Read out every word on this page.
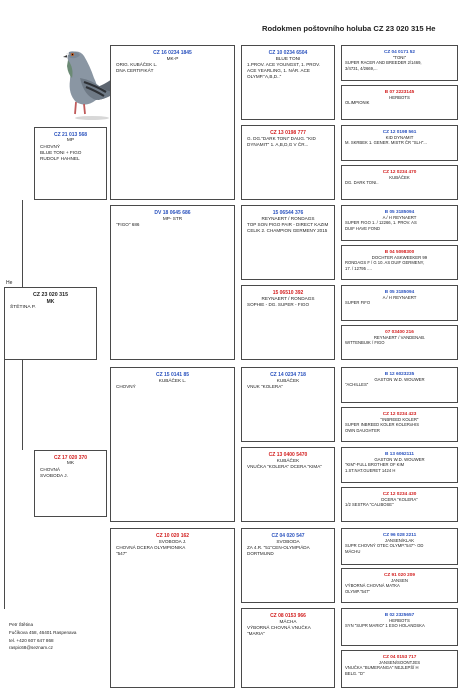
Rodokmen poštovního holuba CZ 23 020 315 He
He
CZ 23 020 315
MK
ŠTĚTINA P.
CZ 21 013 568
MP
CHOVNÝ
BLUE TONI + FIGO
RUDOLF HAHNEL
CZ 17 020 370
MK
CHOVNÁ
SVOBODA J.
CZ 16 0234 1845
MK-P
ORIG. KUBÁČEK L.
DNA CERTIFIKÁT
DV 18 0645 686
MP- STR
"FIGO" 686
CZ 15 0141 85
KUBÁČEK L.
CHOVNÝ
CZ 10 020 162
SVOBODA J.
CHOVNÁ DCERA OLYMPIONIKA
"547"
CZ 10 0234 6504
BLUE TONI
1.PROV. ACE YOUNGST, 1. PROV.
ACE YEARLING, 1. NÁR. ACE
OLYMP."A,B,D.."
CZ 13 0198 777
G. DG."DARK TONI" DAUG. "KID
DYNAMIT" 1. A,B,D,G V ČR...
15 06544 376
REYNAERT / RONDAGS
TOP SON PIGO PAIR - DIRECT KAZIM
CELIK 2. CHAMPION GERMENY 2015
15 06510 392
REYNAERT / RONDAGS
SOPHIE - DG. SUPER - FIGO
CZ 14 0234 718
KUBÁČEK
VNUK "KOLERA"
CZ 13 0400 5470
KUBÁČEK
VNUČKA "KOLERA" DCERA "KIMA"
CZ 04 020 547
SVOBODA
ZA 4.R. "51"CEN-OLYMPIÁDA
DORTMUND
CZ 08 0153 966
MÁCHA
VÝBORNÁ CHOVNÁ VNUČKA
"MARIA"
CZ 04 0171 52
"TONI"
SUPER RACER AND BREEDER 2/1469,
3/4731, 4/2669,...
B 07 2223145
HERBOTS
OLIMPIONIK
CZ 12 0198 561
KID DYNAMIT
M. SKRBEK 1. GENER. MISTR ČR "SLH"...
CZ 12 0234 470
KUBÁČEK
DG. DARK TONI..
B 05 3185094
A / H REYNAERT
SUPER FIGO 1. / 12266, 1. PROV. AS
DUIF HAVE FOND
B 04 5098300
DOCHTER ASKWEEKER 99
RONDAGS F / G 10. AS DUIF GERMENY,
17. / 12795 ....
B 05 3185094
A / H REYNAERT
SUPER FIFO
07 03400 216
REYNAERT / VANDENAB.
WITTENBUIK / FIGO
B 12 6023235
GASTON W.D. WOUWER
"ACHILLES"
CZ 12 0234 423
"INBREED KOLER"
SUPER INBREED KOLER KOLERxHIS
OWN DAUGHTER
B 13 6062111
GASTON W.D. WOUWER
"KIM"-FULL BROTHER OF KIM
1.ST.NAT.GUERET 1424 H
CZ 12 0234 430
DCERA "KOLERA"
1/2 SESTRA "CALIBOSE"
CZ 96 028 2211
JANSEN/KLAK
SUPR CHOVNÝ OTEC OLYMP."547"- OD
MÁCHU
CZ 91 020 209
JANSEN
VÝBORNÁ CHOVNÁ MATKA
OLYMP."547"
B 02 2325657
HERBOTS
SYN "SUPR MARIO" 1 ESO HOLANDSKA
CZ 04 0153 717
JANSEN/SOONTJES
VNUČKA "BUMERANGA" NEJLEPŠÍ H
BELG. "D"
Petr Štětina
Fučíkova 458, 46401 Raspenava
tel. +420 607 647 868
raspic68@seznam.cz
